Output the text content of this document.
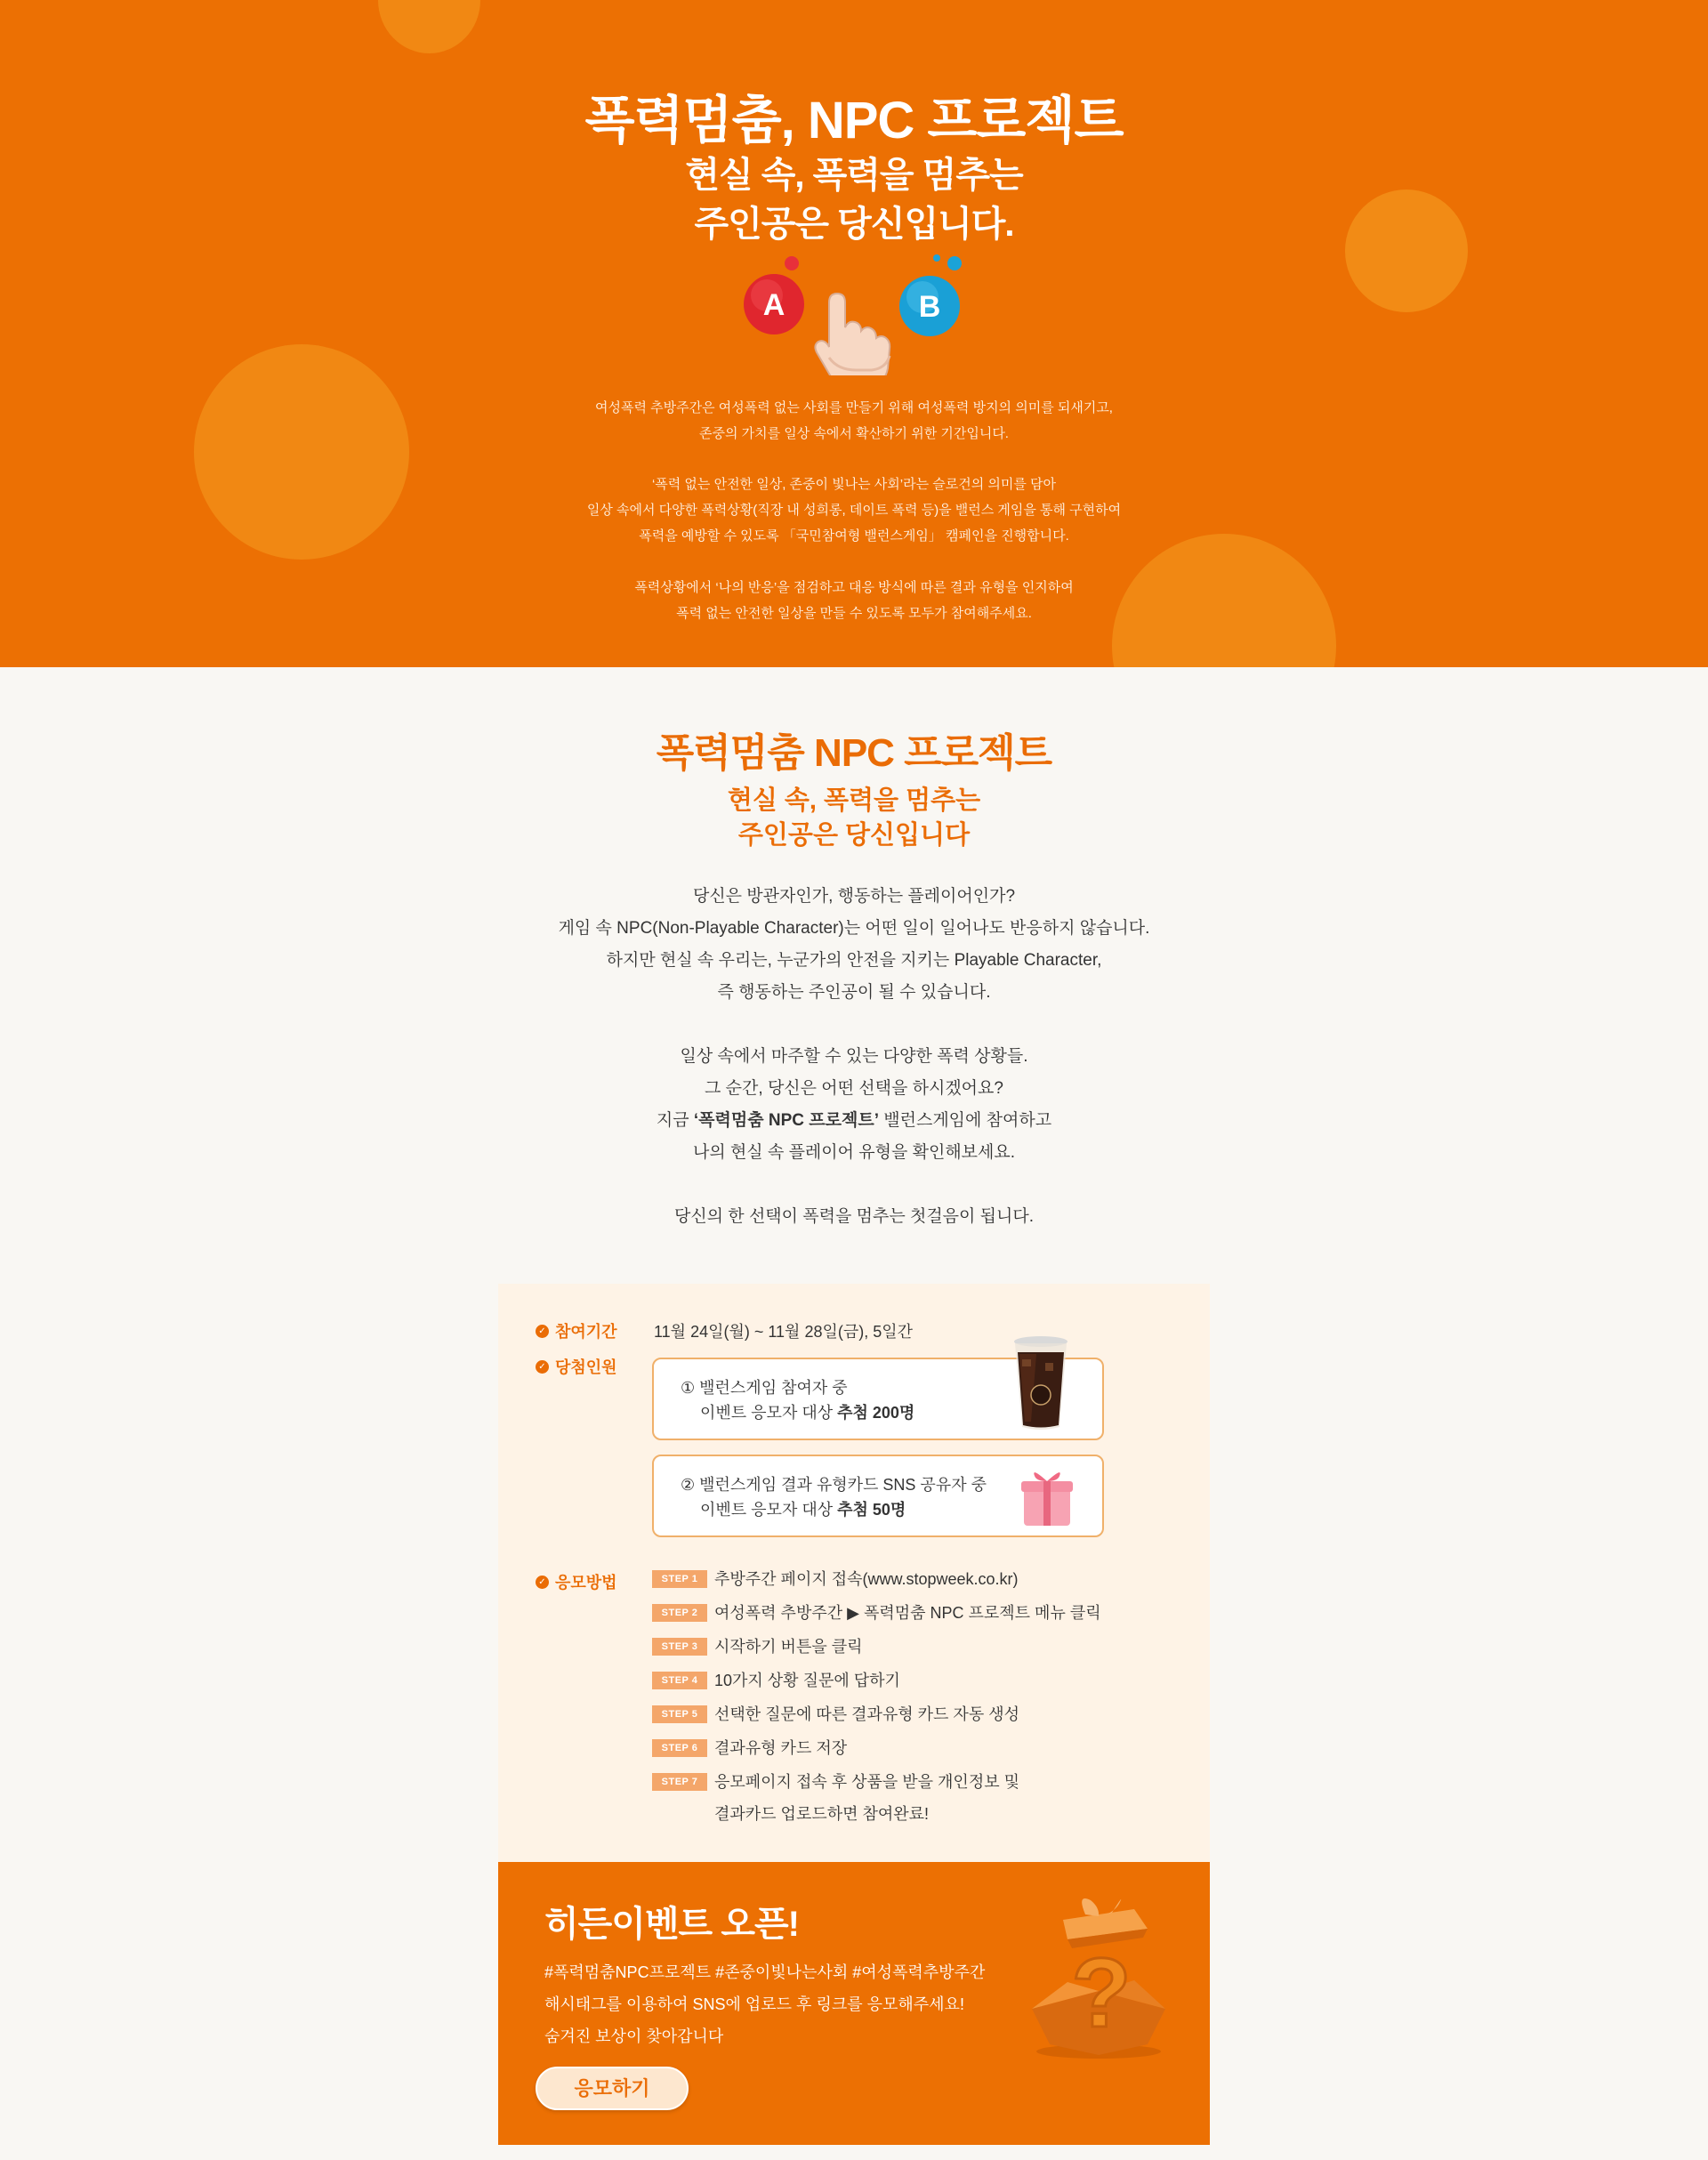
폭력멈춤, NPC 프로젝트
현실 속, 폭력을 멈추는
주인공은 당신입니다.
A	B
여성폭력 추방주간은 여성폭력 없는 사회를 만들기 위해 여성폭력 방지의 의미를 되새기고,
존중의 가치를 일상 속에서 확산하기 위한 기간입니다.
‘폭력 없는 안전한 일상, 존중이 빛나는 사회’라는 슬로건의 의미를 담아
일상 속에서 다양한 폭력상황(직장 내 성희롱, 데이트 폭력 등)을 밸런스 게임을 통해 구현하여
폭력을 예방할 수 있도록 「국민참여형 밸런스게임」 캠페인을 진행합니다.
폭력상황에서 ‘나의 반응’을 점검하고 대응 방식에 따른 결과 유형을 인지하여
폭력 없는 안전한 일상을 만들 수 있도록 모두가 참여해주세요.
폭력멈춤 NPC 프로젝트
현실 속, 폭력을 멈추는
주인공은 당신입니다
당신은 방관자인가, 행동하는 플레이어인가?
게임 속 NPC(Non-Playable Character)는 어떤 일이 일어나도 반응하지 않습니다.
하지만 현실 속 우리는, 누군가의 안전을 지키는 Playable Character,
즉 행동하는 주인공이 될 수 있습니다.
일상 속에서 마주할 수 있는 다양한 폭력 상황들.
그 순간, 당신은 어떤 선택을 하시겠어요?
지금 ‘폭력멈춤 NPC 프로젝트’ 밸런스게임에 참여하고
나의 현실 속 플레이어 유형을 확인해보세요.
당신의 한 선택이 폭력을 멈추는 첫걸음이 됩니다.
✓ 참여기간 11월 24일(월) ~ 11월 28일(금), 5일간
✓ 당첨인원
① 밸런스게임 참여자 중
이벤트 응모자 대상 추첨 200명
② 밸런스게임 결과 유형카드 SNS 공유자 중
이벤트 응모자 대상 추첨 50명
✓ 응모방법	STEP 1	추방주간 페이지 접속(www.stopweek.co.kr)
STEP 2	여성폭력 추방주간 ▶ 폭력멈춤 NPC 프로젝트 메뉴 클릭
STEP 3	시작하기 버튼을 클릭
STEP 4	10가지 상황 질문에 답하기
STEP 5	선택한 질문에 따른 결과유형 카드 자동 생성
STEP 6	결과유형 카드 저장
STEP 7	응모페이지 접속 후 상품을 받을 개인정보 및
결과카드 업로드하면 참여완료!
히든이벤트 오픈!
#폭력멈춤NPC프로젝트 #존중이빛나는사회 #여성폭력추방주간
해시태그를 이용하여 SNS에 업로드 후 링크를 응모해주세요!
숨겨진 보상이 찾아갑니다
응모하기
?
